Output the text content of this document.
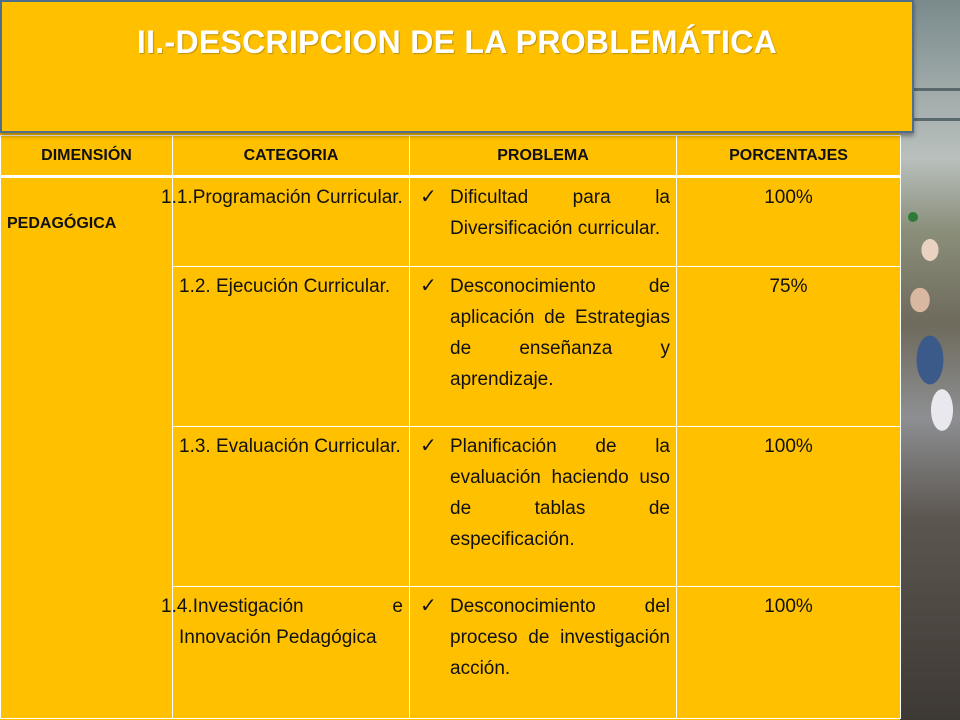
II.-DESCRIPCION DE LA PROBLEMÁTICA
DIMENSIÓN	CATEGORIA	PROBLEMA	PORCENTAJES
PEDAGÓGICA	1.1.Programación Curricular.	✓ Dificultad para la Diversificación curricular.	100%
	1.2. Ejecución Curricular.	✓ Desconocimiento de aplicación de Estrategias de enseñanza y aprendizaje.	75%
	1.3. Evaluación Curricular.	✓ Planificación de la evaluación haciendo uso de tablas de especificación.	100%
	1.4.Investigación e Innovación Pedagógica	✓ Desconocimiento del proceso de investigación acción.	100%
